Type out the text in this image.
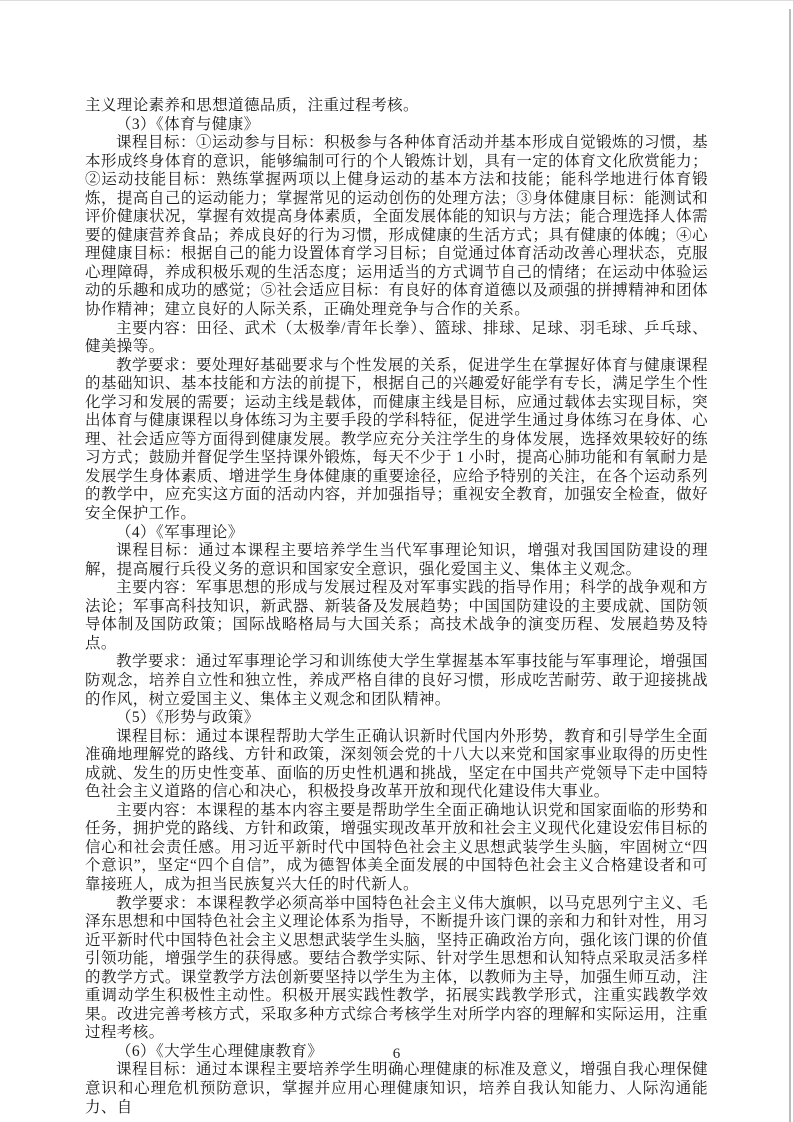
主义理论素养和思想道德品质，注重过程考核。

（3）《体育与健康》

课程目标：①运动参与目标：积极参与各种体育活动并基本形成自觉锻炼的习惯，基本形成终身体育的意识，能够编制可行的个人锻炼计划，具有一定的体育文化欣赏能力；②运动技能目标：熟练掌握两项以上健身运动的基本方法和技能；能科学地进行体育锻炼，提高自己的运动能力；掌握常见的运动创伤的处理方法；③身体健康目标：能测试和评价健康状况，掌握有效提高身体素质，全面发展体能的知识与方法；能合理选择人体需要的健康营养食品；养成良好的行为习惯，形成健康的生活方式；具有健康的体魄；④心理健康目标：根据自己的能力设置体育学习目标；自觉通过体育活动改善心理状态，克服心理障碍，养成积极乐观的生活态度；运用适当的方式调节自己的情绪；在运动中体验运动的乐趣和成功的感觉；⑤社会适应目标：有良好的体育道德以及顽强的拼搏精神和团体协作精神；建立良好的人际关系，正确处理竞争与合作的关系。

主要内容：田径、武术（太极拳/青年长拳）、篮球、排球、足球、羽毛球、乒乓球、健美操等。

教学要求：要处理好基础要求与个性发展的关系，促进学生在掌握好体育与健康课程的基础知识、基本技能和方法的前提下，根据自己的兴趣爱好能学有专长，满足学生个性化学习和发展的需要；运动主线是载体，而健康主线是目标，应通过载体去实现目标，突出体育与健康课程以身体练习为主要手段的学科特征，促进学生通过身体练习在身体、心理、社会适应等方面得到健康发展。教学应充分关注学生的身体发展，选择效果较好的练习方式；鼓励并督促学生坚持课外锻炼，每天不少于 1 小时，提高心肺功能和有氧耐力是发展学生身体素质、增进学生身体健康的重要途径，应给予特别的关注，在各个运动系列的教学中，应充实这方面的活动内容，并加强指导；重视安全教育，加强安全检查，做好安全保护工作。

（4）《军事理论》

课程目标：通过本课程主要培养学生当代军事理论知识，增强对我国国防建设的理解，提高履行兵役义务的意识和国家安全意识，强化爱国主义、集体主义观念。

主要内容：军事思想的形成与发展过程及对军事实践的指导作用；科学的战争观和方法论；军事高科技知识，新武器、新装备及发展趋势；中国国防建设的主要成就、国防领导体制及国防政策；国际战略格局与大国关系；高技术战争的演变历程、发展趋势及特点。

教学要求：通过军事理论学习和训练使大学生掌握基本军事技能与军事理论，增强国防观念，培养自立性和独立性，养成严格自律的良好习惯，形成吃苦耐劳、敢于迎接挑战的作风，树立爱国主义、集体主义观念和团队精神。

（5）《形势与政策》

课程目标：通过本课程帮助大学生正确认识新时代国内外形势，教育和引导学生全面准确地理解党的路线、方针和政策，深刻领会党的十八大以来党和国家事业取得的历史性成就、发生的历史性变革、面临的历史性机遇和挑战，坚定在中国共产党领导下走中国特色社会主义道路的信心和决心，积极投身改革开放和现代化建设伟大事业。

主要内容：本课程的基本内容主要是帮助学生全面正确地认识党和国家面临的形势和任务，拥护党的路线、方针和政策，增强实现改革开放和社会主义现代化建设宏伟目标的信心和社会责任感。用习近平新时代中国特色社会主义思想武装学生头脑，牢固树立“四个意识”，坚定“四个自信”，成为德智体美全面发展的中国特色社会主义合格建设者和可靠接班人，成为担当民族复兴大任的时代新人。

教学要求：本课程教学必须高举中国特色社会主义伟大旗帜，以马克思列宁主义、毛泽东思想和中国特色社会主义理论体系为指导，不断提升该门课的亲和力和针对性，用习近平新时代中国特色社会主义思想武装学生头脑，坚持正确政治方向，强化该门课的价值引领功能，增强学生的获得感。要结合教学实际、针对学生思想和认知特点采取灵活多样的教学方式。课堂教学方法创新要坚持以学生为主体，以教师为主导，加强生师互动，注重调动学生积极性主动性。积极开展实践性教学，拓展实践教学形式，注重实践教学效果。改进完善考核方式，采取多种方式综合考核学生对所学内容的理解和实际运用，注重过程考核。

（6）《大学生心理健康教育》

课程目标：通过本课程主要培养学生明确心理健康的标准及意义，增强自我心理保健意识和心理危机预防意识，掌握并应用心理健康知识，培养自我认知能力、人际沟通能力、自

6
